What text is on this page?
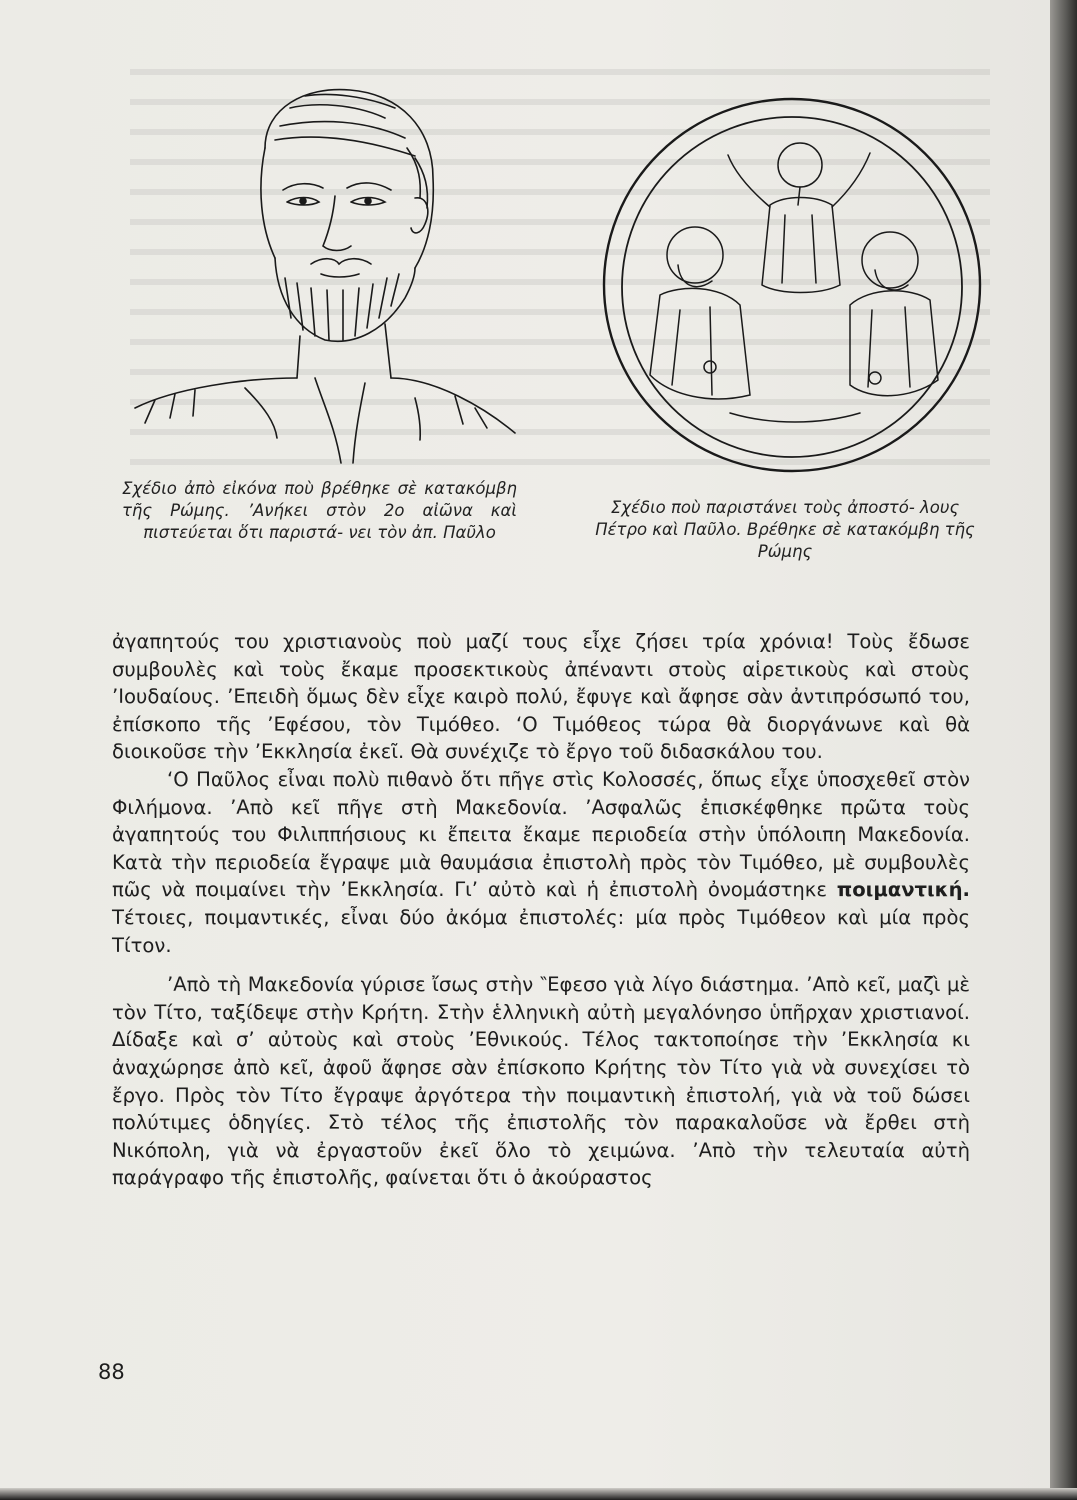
Σχέδιο ἀπὸ εἰκόνα ποὺ βρέθηκε σὲ κατακόμβη τῆς Ρώμης. ’Ανήκει στὸν 2ο αἰῶνα καὶ πιστεύεται ὅτι παριστά- νει τὸν ἀπ. Παῦλο

Σχέδιο ποὺ παριστάνει τοὺς ἀποστό- λους Πέτρο καὶ Παῦλο. Βρέθηκε σὲ κατακόμβη τῆς Ρώμης

ἀγαπητούς του χριστιανοὺς ποὺ μαζί τους εἶχε ζήσει τρία χρόνια! Τοὺς ἔδωσε συμβουλὲς καὶ τοὺς ἔκαμε προσεκτικοὺς ἀπέναντι στοὺς αἱρετικοὺς καὶ στοὺς ’Ιουδαίους. ’Επειδὴ ὅμως δὲν εἶχε καιρὸ πολύ, ἔφυγε καὶ ἄφησε σὰν ἀντιπρόσωπό του, ἐπίσκοπο τῆς ’Εφέσου, τὸν Τιμόθεο. ‘Ο Τιμόθεος τώρα θὰ διοργάνωνε καὶ θὰ διοικοῦσε τὴν ’Εκκλησία ἐκεῖ. Θὰ συνέχιζε τὸ ἔργο τοῦ διδασκάλου του.

‘Ο Παῦλος εἶναι πολὺ πιθανὸ ὅτι πῆγε στὶς Κολοσσές, ὅπως εἶχε ὑποσχεθεῖ στὸν Φιλήμονα. ’Απὸ κεῖ πῆγε στὴ Μακεδονία. ’Ασφαλῶς ἐπισκέφθηκε πρῶτα τοὺς ἀγαπητούς του Φιλιππήσιους κι ἔπειτα ἔκαμε περιοδεία στὴν ὑπόλοιπη Μακεδονία. Κατὰ τὴν περιοδεία ἔγραψε μιὰ θαυμάσια ἐπιστολὴ πρὸς τὸν Τιμόθεο, μὲ συμβουλὲς πῶς νὰ ποιμαίνει τὴν ’Εκκλησία. Γι’ αὐτὸ καὶ ἡ ἐπιστολὴ ὀνομάστηκε ποιμαντική. Τέτοιες, ποιμαντικές, εἶναι δύο ἀκόμα ἐπιστολές: μία πρὸς Τιμόθεον καὶ μία πρὸς Τίτον.

’Απὸ τὴ Μακεδονία γύρισε ἴσως στὴν ‶Εφεσο γιὰ λίγο διάστημα. ’Απὸ κεῖ, μαζὶ μὲ τὸν Τίτο, ταξίδεψε στὴν Κρήτη. Στὴν ἑλληνικὴ αὐτὴ μεγαλόνησο ὑπῆρχαν χριστιανοί. Δίδαξε καὶ σ’ αὐτοὺς καὶ στοὺς ’Εθνικούς. Τέλος τακτοποίησε τὴν ’Εκκλησία κι ἀναχώρησε ἀπὸ κεῖ, ἀφοῦ ἄφησε σὰν ἐπίσκοπο Κρήτης τὸν Τίτο γιὰ νὰ συνεχίσει τὸ ἔργο. Πρὸς τὸν Τίτο ἔγραψε ἀργότερα τὴν ποιμαντικὴ ἐπιστολή, γιὰ νὰ τοῦ δώσει πολύτιμες ὁδηγίες. Στὸ τέλος τῆς ἐπιστολῆς τὸν παρακαλοῦσε νὰ ἔρθει στὴ Νικόπολη, γιὰ νὰ ἐργαστοῦν ἐκεῖ ὅλο τὸ χειμώνα. ’Απὸ τὴν τελευταία αὐτὴ παράγραφο τῆς ἐπιστολῆς, φαίνεται ὅτι ὁ ἀκούραστος

88
